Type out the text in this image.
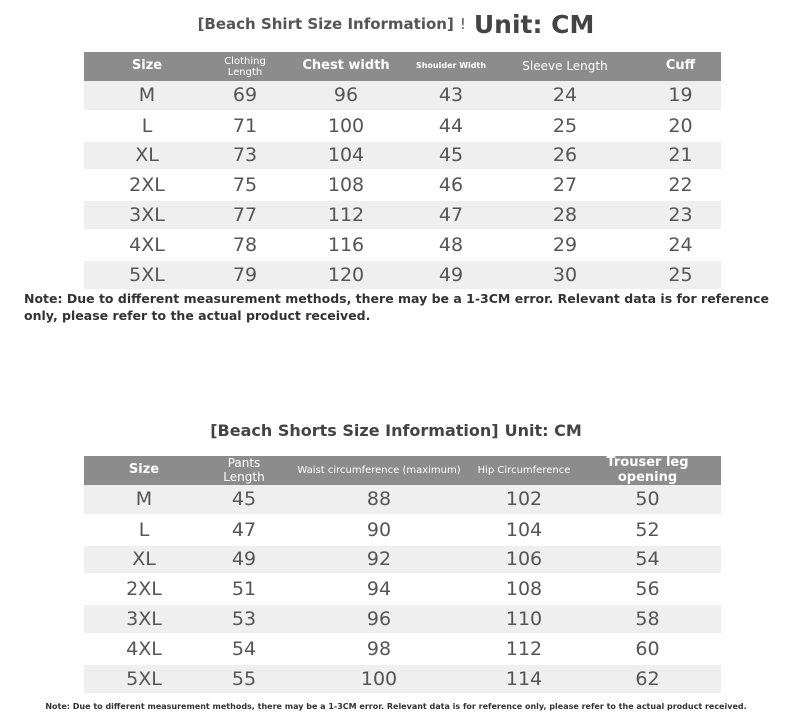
[Beach Shirt Size Information] ! Unit: CM
Size	Clothing Length	Chest width	Shoulder Width	Sleeve Length	Cuff
M	69	96	43	24	19
L	71	100	44	25	20
XL	73	104	45	26	21
2XL	75	108	46	27	22
3XL	77	112	47	28	23
4XL	78	116	48	29	24
5XL	79	120	49	30	25
Note: Due to different measurement methods, there may be a 1-3CM error. Relevant data is for reference only, please refer to the actual product received.
[Beach Shorts Size Information] Unit: CM
Size	Pants Length	Waist circumference (maximum)	Hip Circumference	Trouser leg opening
M	45	88	102	50
L	47	90	104	52
XL	49	92	106	54
2XL	51	94	108	56
3XL	53	96	110	58
4XL	54	98	112	60
5XL	55	100	114	62
Note: Due to different measurement methods, there may be a 1-3CM error. Relevant data is for reference only, please refer to the actual product received.
